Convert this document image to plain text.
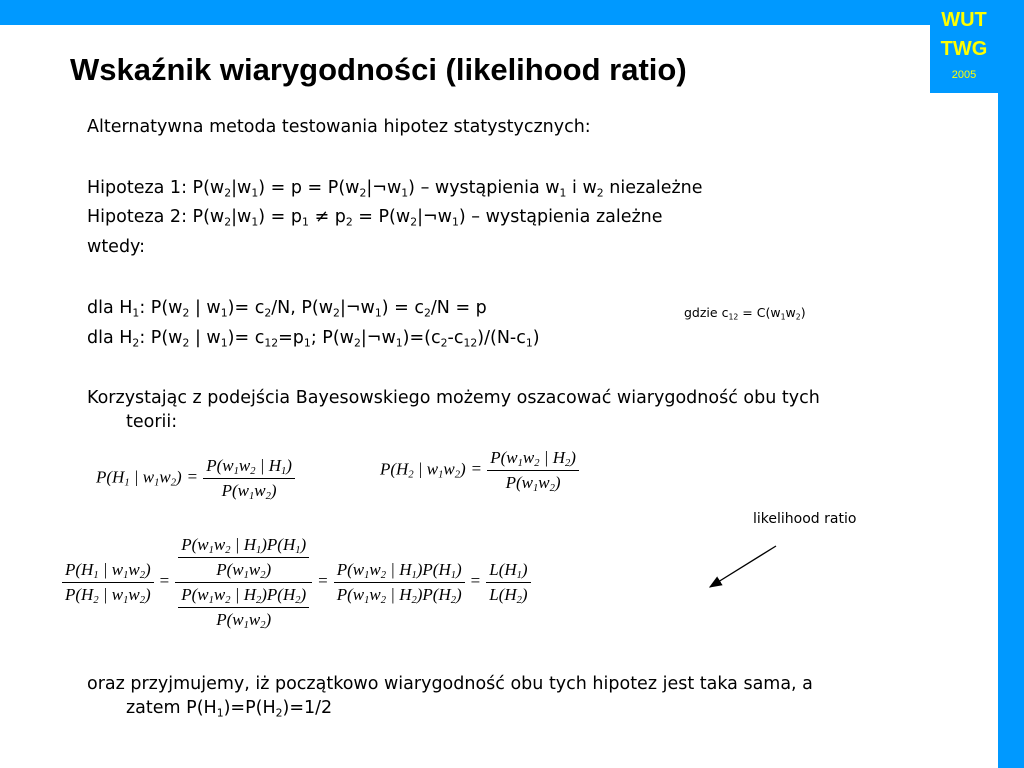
WUT
TWG
2005
Wskaźnik wiarygodności (likelihood ratio)
Alternatywna metoda testowania hipotez statystycznych:
Hipoteza 1: $P(w_2|w_1) = p$ = $P(w_2|\neg w_1)$ – wystąpienia $w_1$ i $w_2$ niezależne
Hipoteza 2: $P(w_2|w_1) = p_1 \ne p_2$ = $P(w_2|\neg w_1)$ – wystąpienia zależne
wtedy:
dla $H_1$: $P(w_2$ | $w_1)= c_2/N$, $P(w_2|\neg w_1) = c_2/N = p$	gdzie $c_{12} = C(w_1w_2)$
dla $H_2$: $P(w_2$ | $w_1)= c_{12}=p_1$; $P(w_2|\neg w_1)=(c_2-c_{12})/(N-c_1)$
Korzystając z podejścia Bayesowskiego możemy oszacować wiarygodność obu tych
teorii:
$P(H_1$ | $w_1w_2) = \frac{P(w_1w_2 | H_1)}{P(w_1w_2)}$	$P(H_2$ | $w_1w_2) = \frac{P(w_1w_2 | H_2)}{P(w_1w_2)}$
likelihood ratio
$\frac{P(H_1 | w_1w_2)}{P(H_2 | w_1w_2)} = \frac{\frac{P(w_1w_2 | H_1)P(H_1)}{P(w_1w_2)}}{\frac{P(w_1w_2 | H_2)P(H_2)}{P(w_1w_2)}} = \frac{P(w_1w_2 | H_1)P(H_1)}{P(w_1w_2 | H_2)P(H_2)} = \frac{L(H_1)}{L(H_2)}$
oraz przyjmujemy, iż początkowo wiarygodność obu tych hipotez jest taka sama, a
zatem $P(H_1)=P(H_2)=1/2$
